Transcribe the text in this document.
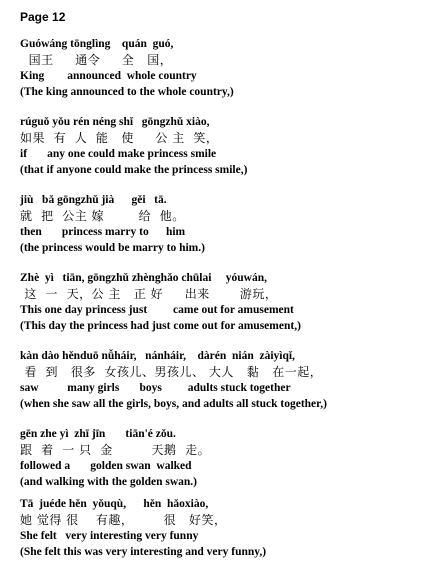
Page 12
Guówáng tōnglìng    quán  guó,
国王     通令     全   国，
King        announced  whole country
(The king announced to the whole country,)
rúguǒ yǒu rén néng shǐ   gōngzhǔ xiào,
如果  有  人  能   使     公 主  笑，
if       any one could make princess smile
(that if anyone could make the princess smile,)
jiù   bǎ gōngzhǔ jià      gěi   tā.
就  把  公主 嫁        给  他。
then       princess marry to      him
(the princess would be marry to him.)
Zhè  yì   tiān, gōngzhǔ zhènghǎo chūlai     yóuwán,
这  一  天，公 主   正 好     出来       游玩，
This one day princess just         came out for amusement
(This day the princess had just come out for amusement,)
kàn dào hěnduō nǚháir,   nánháir,    dàrén  nián  zàiyìqǐ,
看  到   很多  女孩儿、男孩儿、 大人   黏   在一起，
saw          many girls       boys         adults stuck together
(when she saw all the girls, boys, and adults all stuck together,)
gēn zhe yì  zhī jīn       tiān'é zǒu.
跟  着  一 只  金         天鹅  走。
followed a       golden swan  walked
(and walking with the golden swan.)
Tā  juéde hěn  yǒuqù,      hěn  hǎoxiào,
她 觉得 很    有趣，       很   好笑，
She felt   very interesting very funny
(She felt this was very interesting and very funny,)
